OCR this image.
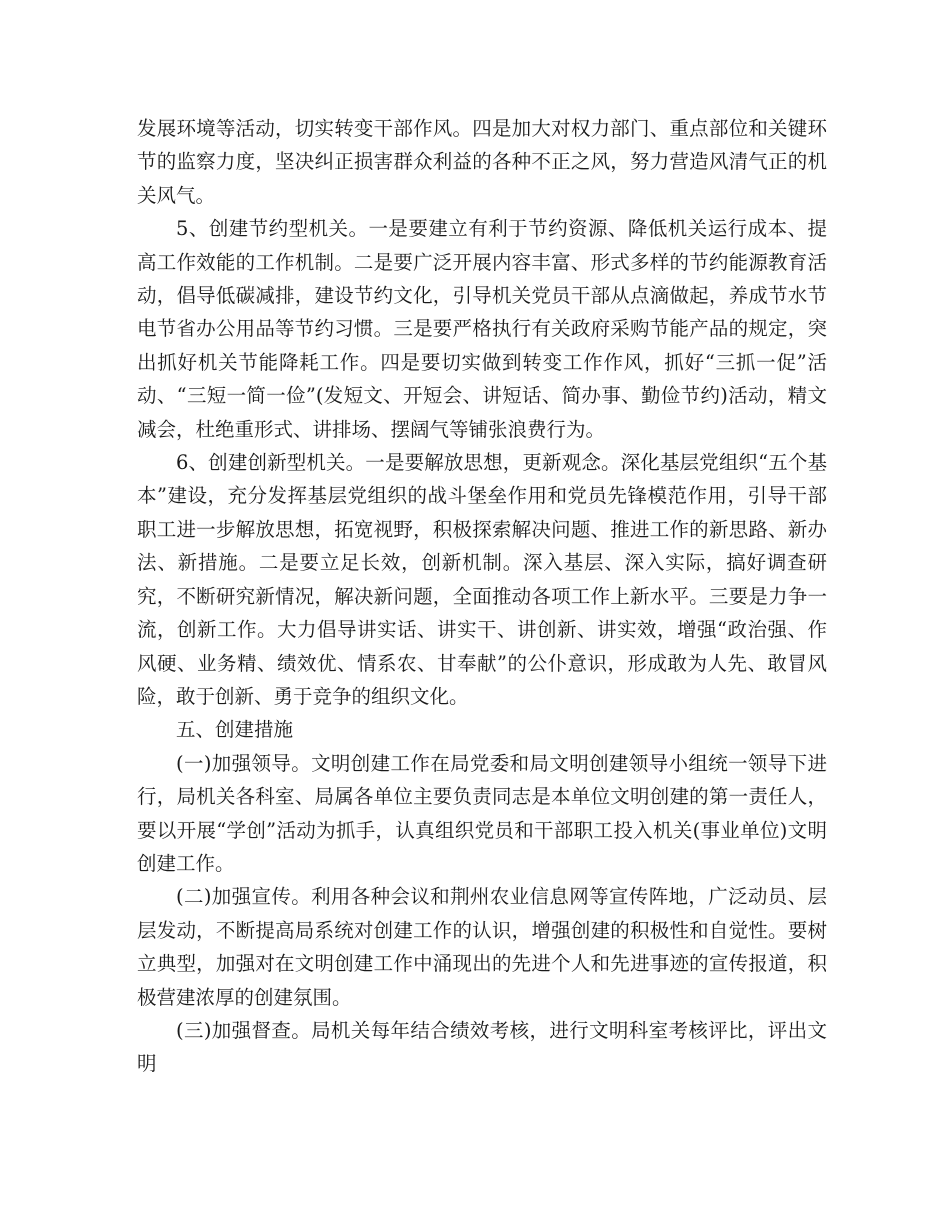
发展环境等活动，切实转变干部作风。四是加大对权力部门、重点部位和关键环节的监察力度，坚决纠正损害群众利益的各种不正之风，努力营造风清气正的机关风气。

5、创建节约型机关。一是要建立有利于节约资源、降低机关运行成本、提高工作效能的工作机制。二是要广泛开展内容丰富、形式多样的节约能源教育活动，倡导低碳减排，建设节约文化，引导机关党员干部从点滴做起，养成节水节电节省办公用品等节约习惯。三是要严格执行有关政府采购节能产品的规定，突出抓好机关节能降耗工作。四是要切实做到转变工作作风，抓好“三抓一促”活动、“三短一简一俭”(发短文、开短会、讲短话、简办事、勤俭节约)活动，精文减会，杜绝重形式、讲排场、摆阔气等铺张浪费行为。

6、创建创新型机关。一是要解放思想，更新观念。深化基层党组织“五个基本”建设，充分发挥基层党组织的战斗堡垒作用和党员先锋模范作用，引导干部职工进一步解放思想，拓宽视野，积极探索解决问题、推进工作的新思路、新办法、新措施。二是要立足长效，创新机制。深入基层、深入实际，搞好调查研究，不断研究新情况，解决新问题，全面推动各项工作上新水平。三要是力争一流，创新工作。大力倡导讲实话、讲实干、讲创新、讲实效，增强“政治强、作风硬、业务精、绩效优、情系农、甘奉献”的公仆意识，形成敢为人先、敢冒风险，敢于创新、勇于竞争的组织文化。

五、创建措施

(一)加强领导。文明创建工作在局党委和局文明创建领导小组统一领导下进行，局机关各科室、局属各单位主要负责同志是本单位文明创建的第一责任人，要以开展“学创”活动为抓手，认真组织党员和干部职工投入机关(事业单位)文明创建工作。

(二)加强宣传。利用各种会议和荆州农业信息网等宣传阵地，广泛动员、层层发动，不断提高局系统对创建工作的认识，增强创建的积极性和自觉性。要树立典型，加强对在文明创建工作中涌现出的先进个人和先进事迹的宣传报道，积极营建浓厚的创建氛围。

(三)加强督查。局机关每年结合绩效考核，进行文明科室考核评比，评出文明
